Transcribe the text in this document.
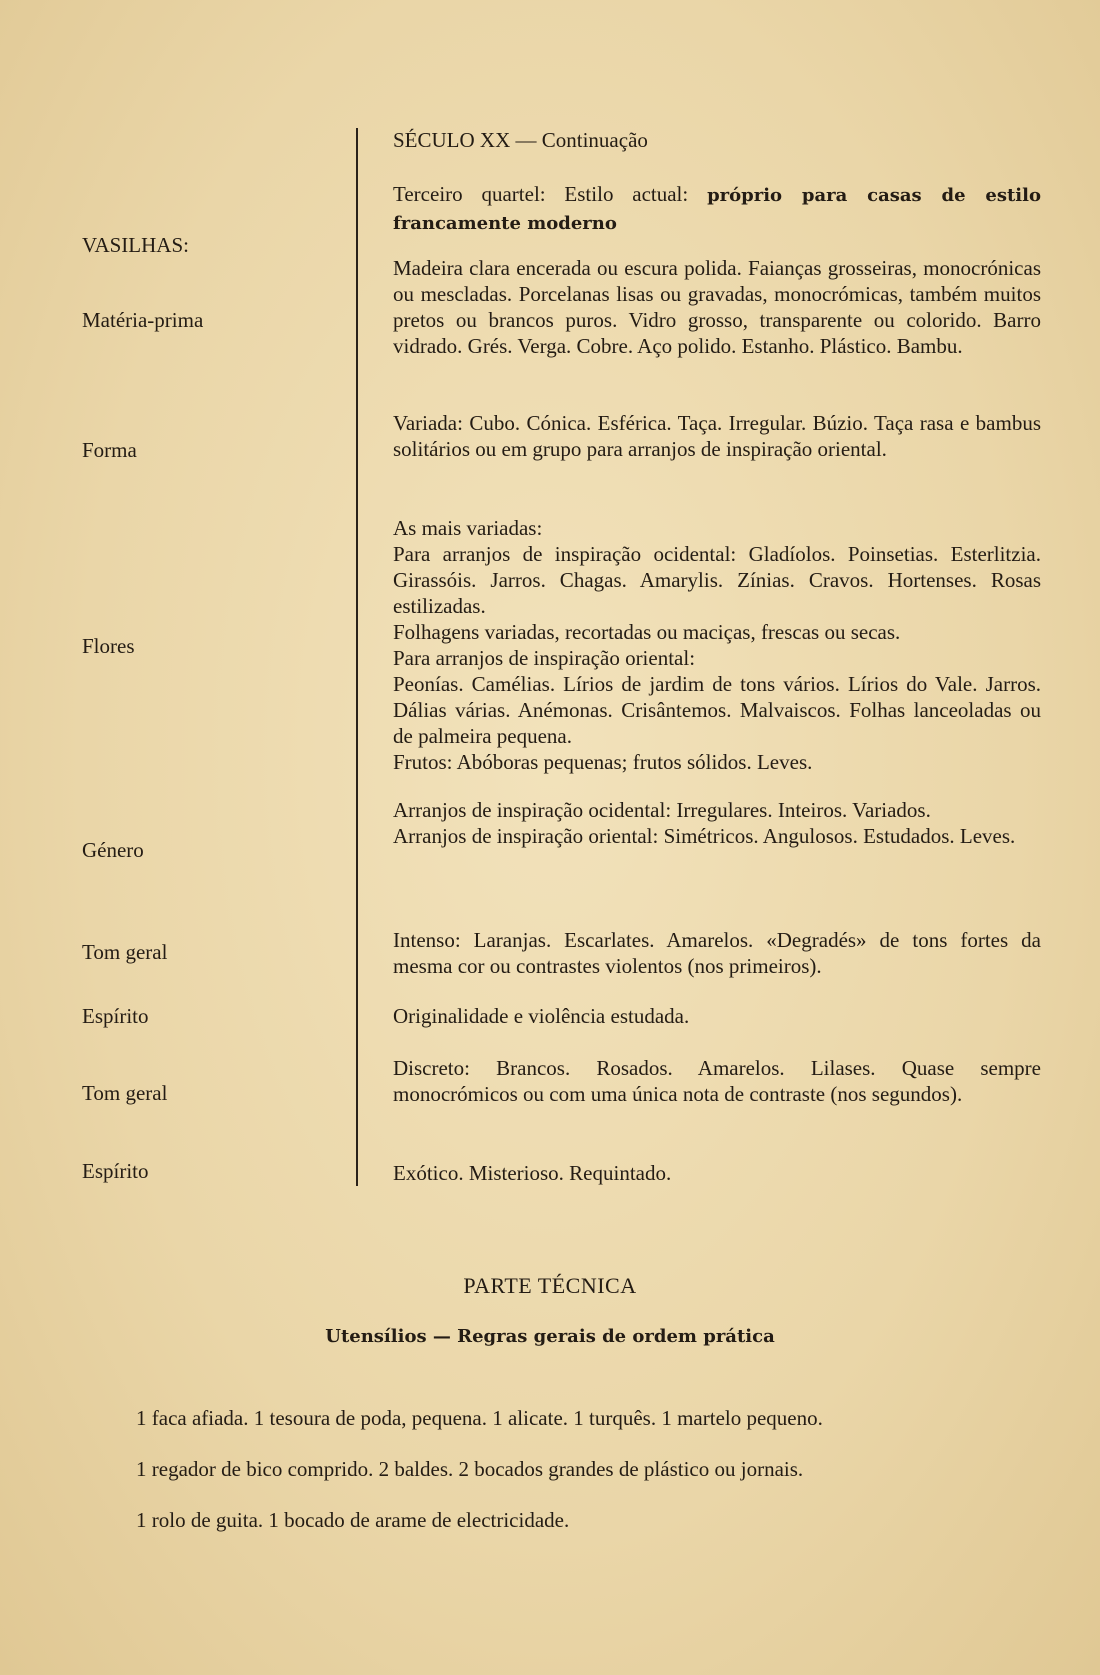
SÉCULO XX — Continuação
VASILHAS:
Matéria-prima
Forma
Flores
Género
Tom geral
Espírito
Tom geral
Espírito

Terceiro quartel: Estilo actual: próprio para casas de estilo francamente moderno

Madeira clara encerada ou escura polida. Faianças grosseiras, monocrónicas ou mescladas. Porcelanas lisas ou gravadas, monocrómicas, também muitos pretos ou brancos puros. Vidro grosso, transparente ou colorido. Barro vidrado. Grés. Verga. Cobre. Aço polido. Estanho. Plástico. Bambu.

Variada: Cubo. Cónica. Esférica. Taça. Irregular. Búzio. Taça rasa e bambus solitários ou em grupo para arranjos de inspiração oriental.

As mais variadas:

Para arranjos de inspiração ocidental: Gladíolos. Poinsetias. Esterlitzia. Girassóis. Jarros. Chagas. Amarylis. Zínias. Cravos. Hortenses. Rosas estilizadas.

Folhagens variadas, recortadas ou maciças, frescas ou secas.

Para arranjos de inspiração oriental:

Peonías. Camélias. Lírios de jardim de tons vários. Lírios do Vale. Jarros. Dálias várias. Anémonas. Crisântemos. Malvaiscos. Folhas lanceoladas ou de palmeira pequena.

Frutos: Abóboras pequenas; frutos sólidos. Leves.

Arranjos de inspiração ocidental: Irregulares. Inteiros. Variados.

Arranjos de inspiração oriental: Simétricos. Angulosos. Estudados. Leves.

Intenso: Laranjas. Escarlates. Amarelos. «Degradés» de tons fortes da mesma cor ou contrastes violentos (nos primeiros).

Originalidade e violência estudada.

Discreto: Brancos. Rosados. Amarelos. Lilases. Quase sempre monocrómicos ou com uma única nota de contraste (nos segundos).

Exótico. Misterioso. Requintado.

PARTE TÉCNICA
Utensílios — Regras gerais de ordem prática
1 faca afiada. 1 tesoura de poda, pequena. 1 alicate. 1 turquês. 1 martelo pequeno.
1 regador de bico comprido. 2 baldes. 2 bocados grandes de plástico ou jornais.
1 rolo de guita. 1 bocado de arame de electricidade.
